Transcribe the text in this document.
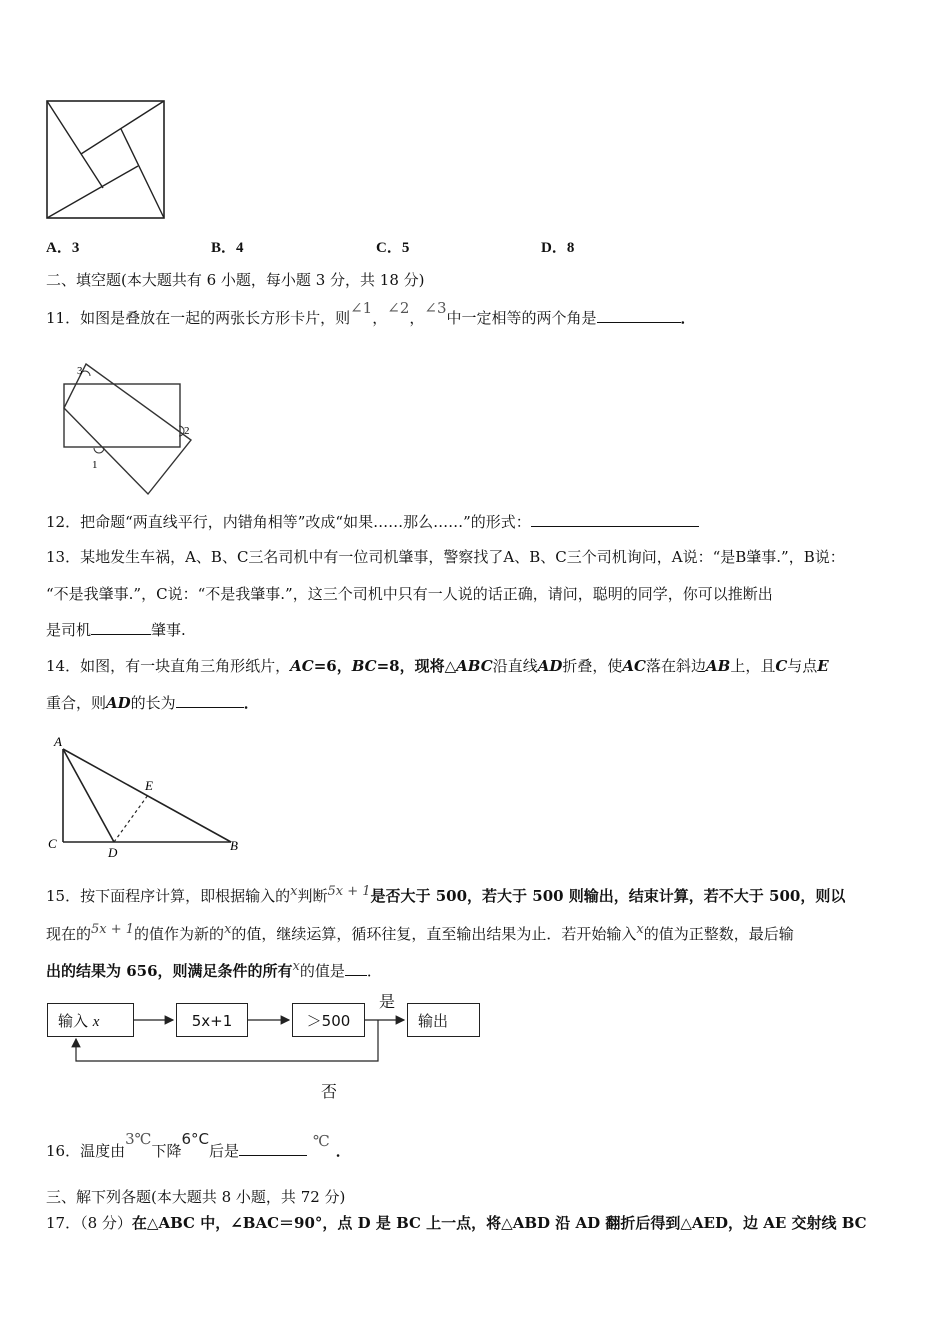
A．3	B．4	C．5	D．8
二、填空题(本大题共有 6 小题，每小题 3 分，共 18 分)
11．如图是叠放在一起的两张长方形卡片，则∠1，∠2，∠3中一定相等的两个角是	．
3
2
1
12．把命题“两直线平行，内错角相等”改成“如果……那么……”的形式：
13．某地发生车祸，A、B、C三名司机中有一位司机肇事，警察找了A、B、C三个司机询问，A说：“是B肇事.”，B说：
“不是我肇事.”，C说：“不是我肇事.”，这三个司机中只有一人说的话正确，请问，聪明的同学，你可以推断出
是司机	肇事.
14．如图，有一块直角三角形纸片，AC=6，BC=8，现将△ABC沿直线AD折叠，使AC落在斜边AB上，且C与点E
重合，则AD的长为	．
A
E
C
D	B
15．按下面程序计算，即根据输入的x判断5x + 1是否大于 500，若大于 500 则输出，结束计算，若不大于 500，则以
现在的5x + 1的值作为新的x的值，继续运算，循环往复，直至输出结果为止．若开始输入x的值为正整数，最后输
出的结果为 656，则满足条件的所有x的值是 ．
输入 x	5x+1	＞500	输出
是
否
16．温度由3℃下降6°C后是℃．
三、解下列各题(本大题共 8 小题，共 72 分)
17．（8 分）在△ABC 中，∠BAC＝90°，点 D 是 BC 上一点，将△ABD 沿 AD 翻折后得到△AED，边 AE 交射线 BC
